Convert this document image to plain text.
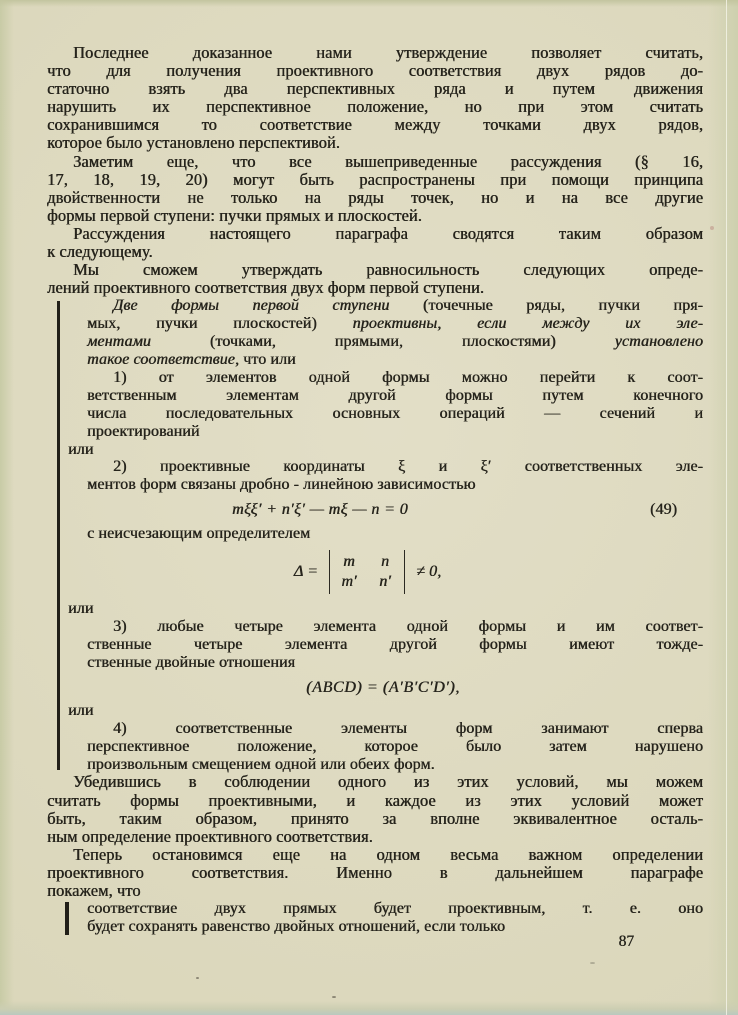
Последнее доказанное нами утверждение позволяет считать,
что для получения проективного соответствия двух рядов до-
статочно взять два перспективных ряда и путем движения
нарушить их перспективное положение, но при этом считать
сохранившимся то соответствие между точками двух рядов,
которое было установлено перспективой.
Заметим еще, что все вышеприведенные рассуждения (§ 16,
17, 18, 19, 20) могут быть распространены при помощи принципа
двойственности не только на ряды точек, но и на все другие
формы первой ступени: пучки прямых и плоскостей.
Рассуждения настоящего параграфа сводятся таким образом
к следующему.
Мы сможем утверждать равносильность следующих опреде-
лений проективного соответствия двух форм первой ступени.
Две формы первой ступени (точечные ряды, пучки пря-
мых, пучки плоскостей) проективны, если между их эле-
ментами (точками, прямыми, плоскостями) установлено
такое соответствие, что или
1) от элементов одной формы можно перейти к соот-
ветственным элементам другой формы путем конечного
числа последовательных основных операций — сечений и
проектирований
или
2) проективные координаты ξ и ξ′ соответственных эле-
ментов форм связаны дробно - линейною зависимостью
mξξ′ + n′ξ′ — mξ — n = 0	(49)
с неисчезающим определителем
Δ =
m n
m′ n′
≠ 0,
или
3) любые четыре элемента одной формы и им соответ-
ственные четыре элемента другой формы имеют тожде-
ственные двойные отношения
(ABCD) = (A′B′C′D′),
или
4) соответственные элементы форм занимают сперва
перспективное положение, которое было затем нарушено
произвольным смещением одной или обеих форм.
Убедившись в соблюдении одного из этих условий, мы можем
считать формы проективными, и каждое из этих условий может
быть, таким образом, принято за вполне эквивалентное осталь-
ным определение проективного соответствия.
Теперь остановимся еще на одном весьма важном определении
проективного соответствия. Именно в дальнейшем параграфе
покажем, что
соответствие двух прямых будет проективным, т. е. оно
будет сохранять равенство двойных отношений, если только
87
